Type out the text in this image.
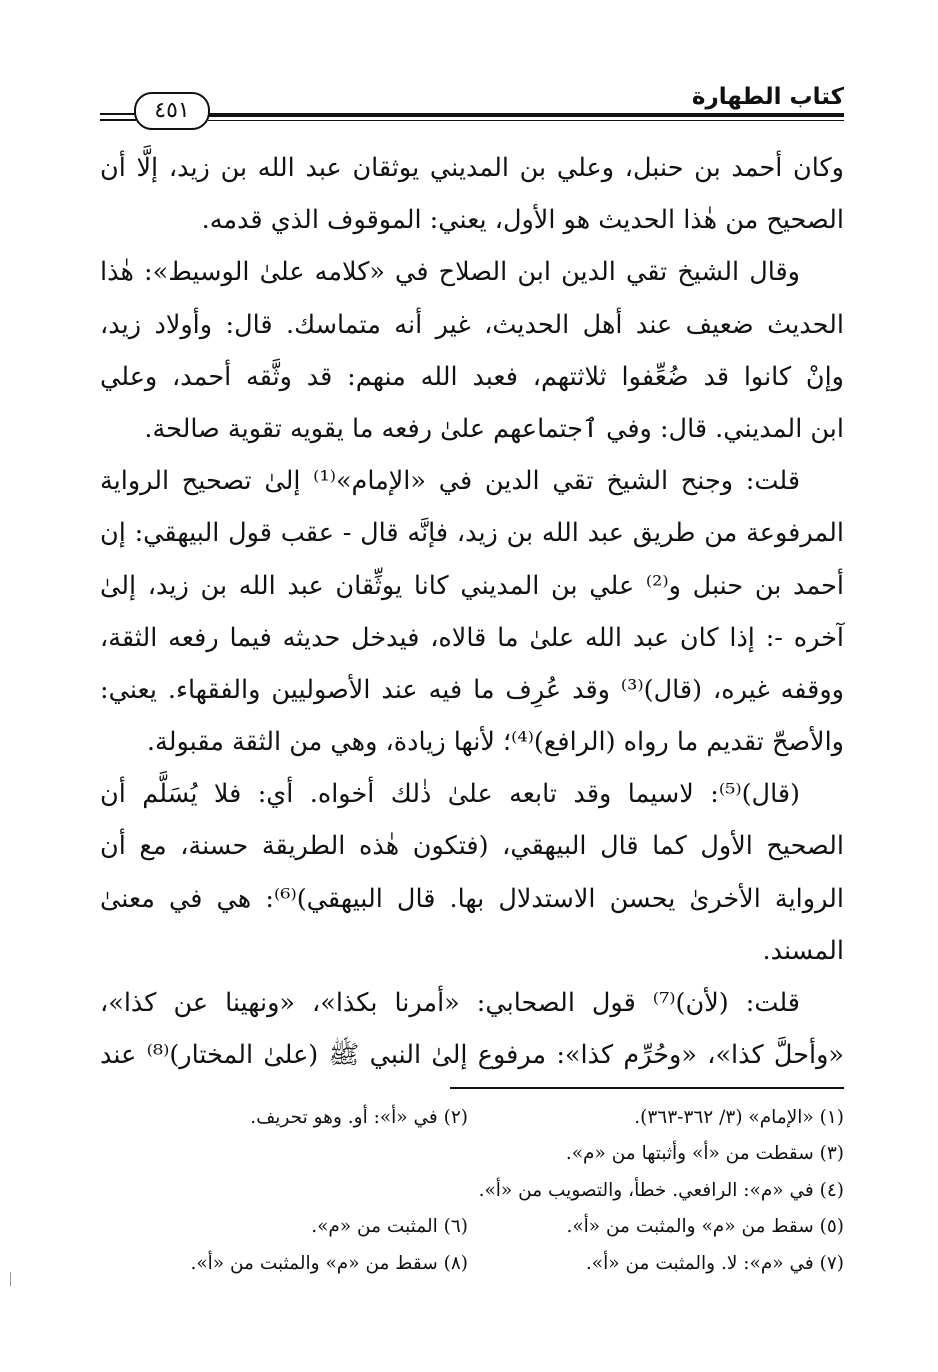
كتاب الطهارة
٤٥١
وكان أحمد بن حنبل، وعلي بن المديني يوثقان عبد الله بن زيد، إلَّا أن
الصحيح من هٰذا الحديث هو الأول، يعني: الموقوف الذي قدمه.
وقال الشيخ تقي الدين ابن الصلاح في «كلامه علىٰ الوسيط»: هٰذا
الحديث ضعيف عند أهل الحديث، غير أنه متماسك. قال: وأولاد زيد،
وإنْ كانوا قد ضُعِّفوا ثلاثتهم، فعبد الله منهم: قد وثَّقه أحمد، وعلي
ابن المديني. قال: وفي ٱجتماعهم علىٰ رفعه ما يقويه تقوية صالحة.
قلت: وجنح الشيخ تقي الدين في «الإمام»⁽¹⁾ إلىٰ تصحيح الرواية
المرفوعة من طريق عبد الله بن زيد، فإنَّه قال - عقب قول البيهقي: إن
أحمد بن حنبل و⁽²⁾ علي بن المديني كانا يوثِّقان عبد الله بن زيد، إلىٰ
آخره -: إذا كان عبد الله علىٰ ما قالاه، فيدخل حديثه فيما رفعه الثقة،
ووقفه غيره، (قال)⁽³⁾ وقد عُرِف ما فيه عند الأصوليين والفقهاء. يعني:
والأصحّ تقديم ما رواه (الرافع)⁽⁴⁾؛ لأنها زيادة، وهي من الثقة مقبولة.
(قال)⁽⁵⁾: لاسيما وقد تابعه علىٰ ذٰلك أخواه. أي: فلا يُسَلَّم أن
الصحيح الأول كما قال البيهقي، (فتكون هٰذه الطريقة حسنة، مع أن
الرواية الأخرىٰ يحسن الاستدلال بها. قال البيهقي)⁽⁶⁾: هي في معنىٰ
المسند.
قلت: (لأن)⁽⁷⁾ قول الصحابي: «أمرنا بكذا»، «ونهينا عن كذا»،
«وأحلَّ كذا»، «وحُرِّم كذا»: مرفوع إلىٰ النبي ﷺ (علىٰ المختار)⁽⁸⁾ عند
(١) «الإمام» (٣/ ٣٦٢-٣٦٣).(٢) في «أ»: أو. وهو تحريف.
(٣) سقطت من «أ» وأثبتها من «م».
(٤) في «م»: الرافعي. خطأ، والتصويب من «أ».
(٥) سقط من «م» والمثبت من «أ».(٦) المثبت من «م».
(٧) في «م»: لا. والمثبت من «أ».(٨) سقط من «م» والمثبت من «أ».
